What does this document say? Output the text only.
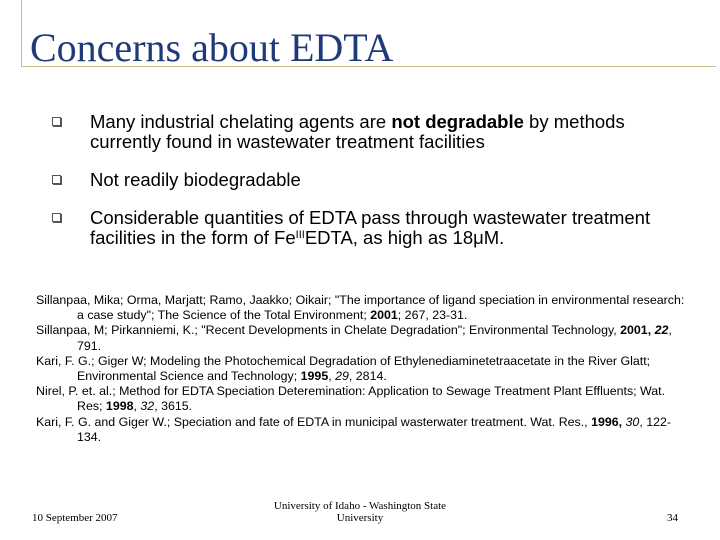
Concerns about EDTA
Many industrial chelating agents are not degradable by methods currently found in wastewater treatment facilities
Not readily biodegradable
Considerable quantities of EDTA pass through wastewater treatment facilities in the form of $Fe^{III}EDTA$, as high as 18μM.
Sillanpaa, Mika; Orma, Marjatt; Ramo, Jaakko; Oikair; "The importance of ligand speciation in environmental research: a case study"; The Science of the Total Environment; 2001; 267, 23-31.
Sillanpaa, M; Pirkanniemi, K.; "Recent Developments in Chelate Degradation"; Environmental Technology, 2001, 22, 791.
Kari, F. G.; Giger W; Modeling the Photochemical Degradation of Ethylenediaminetetraacetate in the River Glatt; Environmental Science and Technology; 1995, 29, 2814.
Nirel, P. et. al.; Method for EDTA Speciation Deteremination: Application to Sewage Treatment Plant Effluents; Wat. Res; 1998, 32, 3615.
Kari, F. G. and Giger W.; Speciation and fate of EDTA in municipal wasterwater treatment. Wat. Res., 1996, 30, 122-134.
10 September 2007
University of Idaho - Washington State
University	34
